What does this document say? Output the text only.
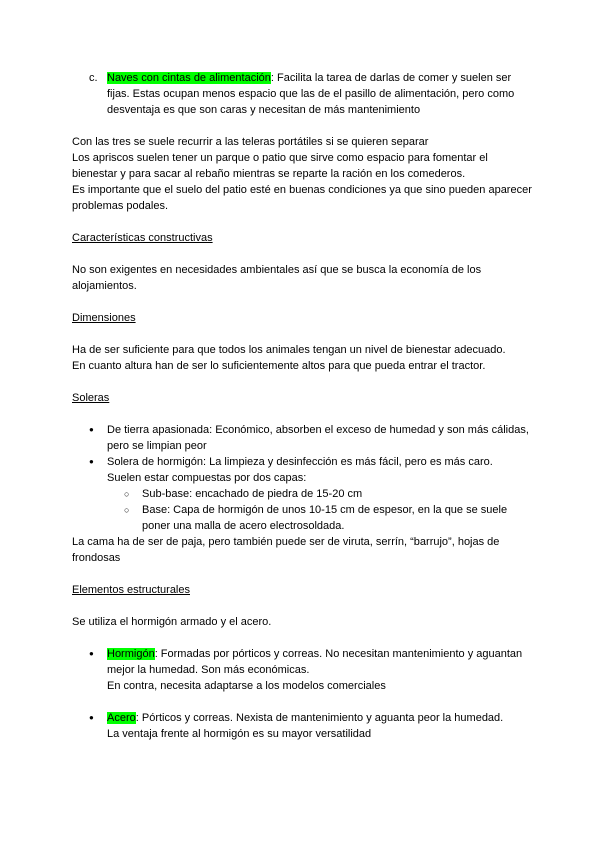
c. Naves con cintas de alimentación: Facilita la tarea de darlas de comer y suelen ser fijas. Estas ocupan menos espacio que las de el pasillo de alimentación, pero como desventaja es que son caras y necesitan de más mantenimiento

Con las tres se suele recurrir a las teleras portátiles si se quieren separar

Los apriscos suelen tener un parque o patio que sirve como espacio para fomentar el bienestar y para sacar al rebaño mientras se reparte la ración en los comederos.

Es importante que el suelo del patio esté en buenas condiciones ya que sino pueden aparecer problemas podales.

Características constructivas

No son exigentes en necesidades ambientales así que se busca la economía de los alojamientos.

Dimensiones

Ha de ser suficiente para que todos los animales tengan un nivel de bienestar adecuado.

En cuanto altura han de ser lo suficientemente altos para que pueda entrar el tractor.

Soleras

● De tierra apasionada: Económico, absorben el exceso de humedad y son más cálidas, pero se limpian peor
● Solera de hormigón: La limpieza y desinfección es más fácil, pero es más caro.
Suelen estar compuestas por dos capas:
○ Sub-base: encachado de piedra de 15-20 cm
○ Base: Capa de hormigón de unos 10-15 cm de espesor, en la que se suele poner una malla de acero electrosoldada.

La cama ha de ser de paja, pero también puede ser de viruta, serrín, “barrujo”, hojas de frondosas

Elementos estructurales

Se utiliza el hormigón armado y el acero.

● Hormigón: Formadas por pórticos y correas. No necesitan mantenimiento y aguantan mejor la humedad. Son más económicas.
En contra, necesita adaptarse a los modelos comerciales
● Acero: Pórticos y correas. Nexista de mantenimiento y aguanta peor la humedad.
La ventaja frente al hormigón es su mayor versatilidad
